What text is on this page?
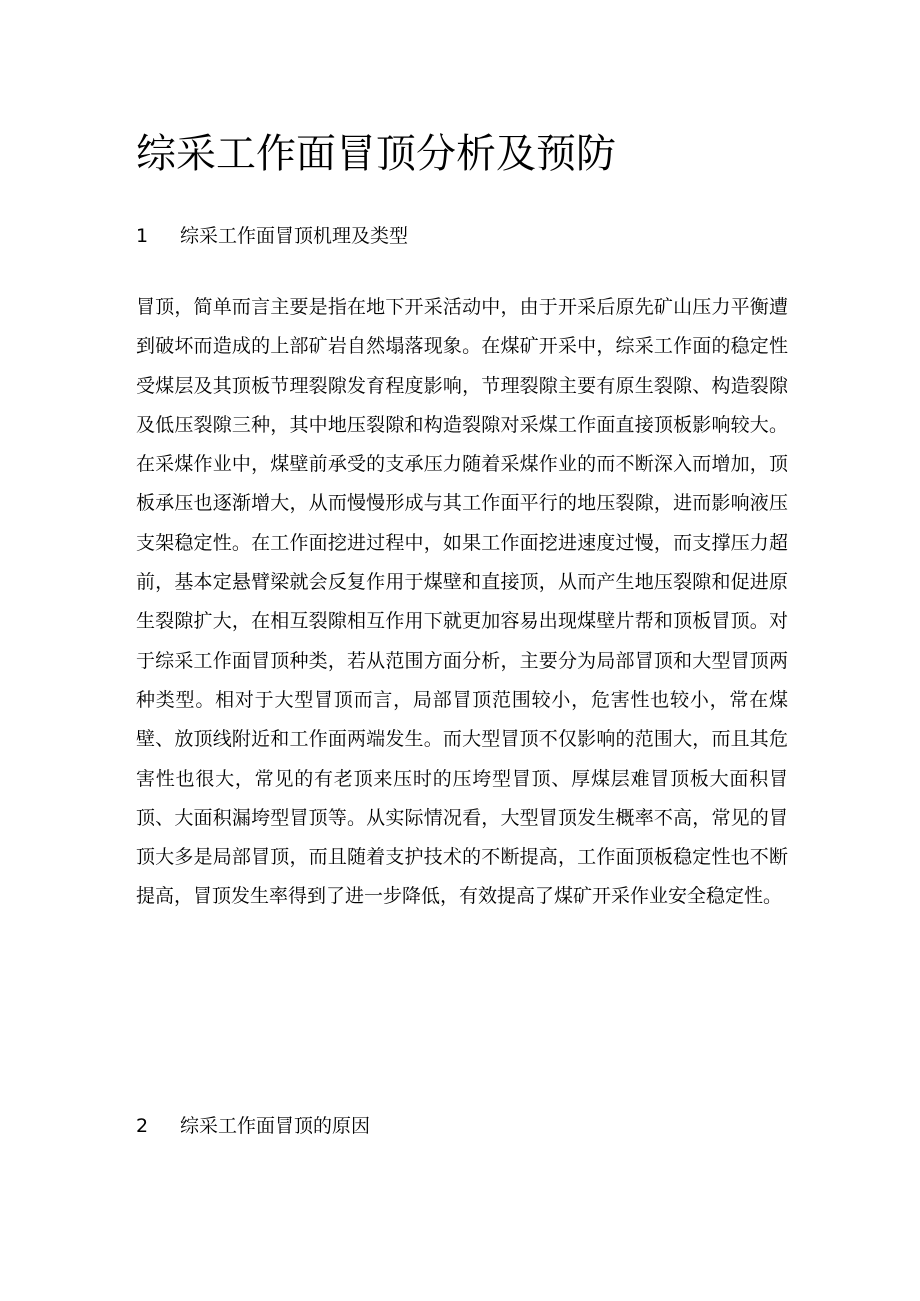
综采工作面冒顶分析及预防
1 综采工作面冒顶机理及类型

冒顶，简单而言主要是指在地下开采活动中，由于开采后原先矿山压力平衡遭到破坏而造成的上部矿岩自然塌落现象。在煤矿开采中，综采工作面的稳定性受煤层及其顶板节理裂隙发育程度影响，节理裂隙主要有原生裂隙、构造裂隙及低压裂隙三种，其中地压裂隙和构造裂隙对采煤工作面直接顶板影响较大。在采煤作业中，煤壁前承受的支承压力随着采煤作业的而不断深入而增加，顶板承压也逐渐增大，从而慢慢形成与其工作面平行的地压裂隙，进而影响液压支架稳定性。在工作面挖进过程中，如果工作面挖进速度过慢，而支撑压力超前，基本定悬臂梁就会反复作用于煤壁和直接顶，从而产生地压裂隙和促进原生裂隙扩大，在相互裂隙相互作用下就更加容易出现煤壁片帮和顶板冒顶。对于综采工作面冒顶种类，若从范围方面分析，主要分为局部冒顶和大型冒顶两种类型。相对于大型冒顶而言，局部冒顶范围较小，危害性也较小，常在煤壁、放顶线附近和工作面两端发生。而大型冒顶不仅影响的范围大，而且其危害性也很大，常见的有老顶来压时的压垮型冒顶、厚煤层难冒顶板大面积冒顶、大面积漏垮型冒顶等。从实际情况看，大型冒顶发生概率不高，常见的冒顶大多是局部冒顶，而且随着支护技术的不断提高，工作面顶板稳定性也不断提高，冒顶发生率得到了进一步降低，有效提高了煤矿开采作业安全稳定性。

2 综采工作面冒顶的原因
